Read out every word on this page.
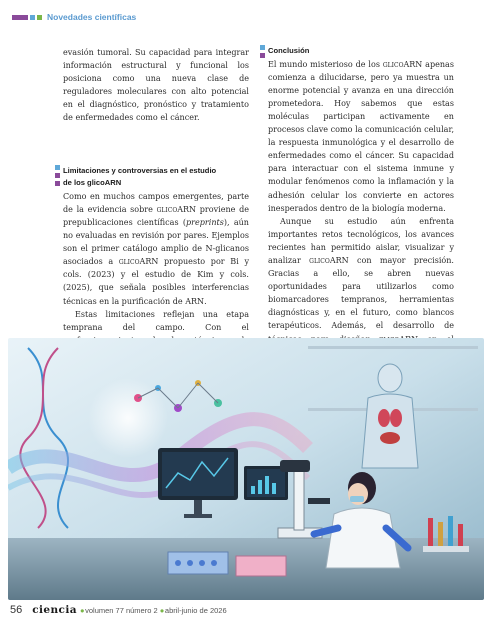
Novedades científicas

evasión tumoral. Su capacidad para integrar información estructural y funcional los posiciona como una nueva clase de reguladores moleculares con alto potencial en el diagnóstico, pronóstico y tratamiento de enfermedades como el cáncer.

Limitaciones y controversias en el estudio
de los glicoARN

Como en muchos campos emergentes, parte de la evidencia sobre glicoARN proviene de prepublicaciones científicas (preprints), aún no evaluadas en revisión por pares. Ejemplos son el primer catálogo amplio de N-glicanos asociados a glicoARN propuesto por Bi y cols. (2023) y el estudio de Kim y cols. (2025), que señala posibles interferencias técnicas en la purificación de ARN.

Estas limitaciones reflejan una etapa temprana del campo. Con el

Conclusión

El mundo misterioso de los glicoARN apenas comienza a dilucidarse, pero ya muestra un enorme potencial y avanza en una dirección prometedora. Hoy sabemos que estas moléculas participan activamente en procesos clave como la comunicación celular, la respuesta inmunológica y el desarrollo de enfermedades como el cáncer. Su capacidad para interactuar con el sistema inmune y modular fenómenos como la inflamación y la adhesión celular los convierte en actores inesperados dentro de la biología moderna.

Aunque su estudio aún enfrenta importantes retos tecnológicos, los avances recientes han permitido aislar, visualizar y analizar glicoARN con mayor precisión. Gracias a ello, se abren nuevas oportunidades para utilizarlos como biomarcadores tempranos, herramientas diagnósticas y, en el futuro, como blancos terapéuticos. Además, el desarrollo de

56 ciencia ● volumen 77 número 2 ● abril-junio de 2026
